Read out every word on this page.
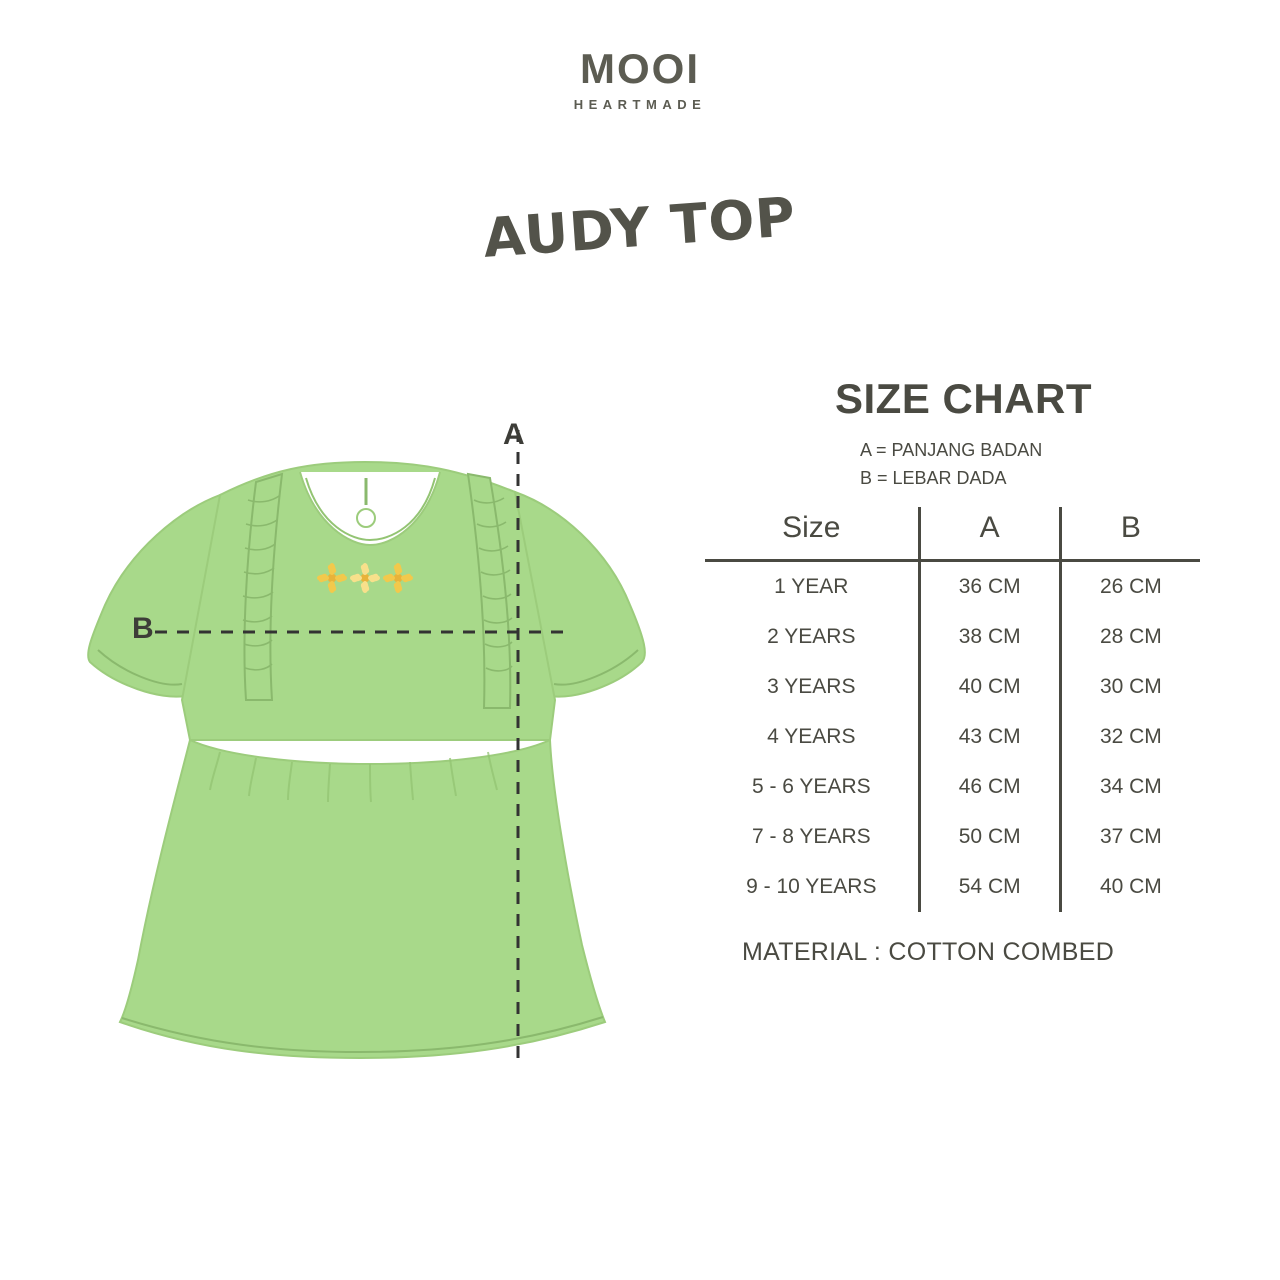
MOOI
HEARTMADE
AUDY TOP
A
B
SIZE CHART
A = PANJANG BADAN
B = LEBAR DADA
Size	A	B
1 YEAR	36 CM	26 CM
2 YEARS	38 CM	28 CM
3 YEARS	40 CM	30 CM
4 YEARS	43 CM	32 CM
5 - 6 YEARS	46 CM	34 CM
7 - 8 YEARS	50 CM	37 CM
9 - 10 YEARS	54 CM	40 CM
MATERIAL : COTTON COMBED
